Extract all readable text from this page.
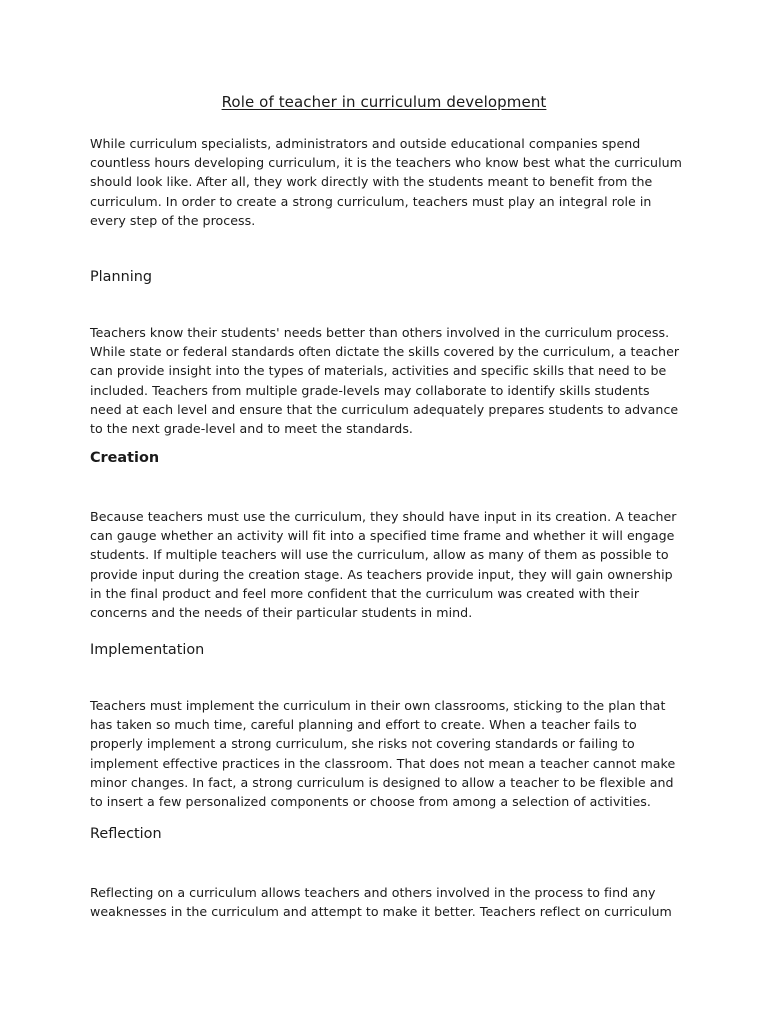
Role of teacher in curriculum development

While curriculum specialists, administrators and outside educational companies spend countless hours developing curriculum, it is the teachers who know best what the curriculum should look like. After all, they work directly with the students meant to benefit from the curriculum. In order to create a strong curriculum, teachers must play an integral role in every step of the process.

Planning

Teachers know their students' needs better than others involved in the curriculum process. While state or federal standards often dictate the skills covered by the curriculum, a teacher can provide insight into the types of materials, activities and specific skills that need to be included. Teachers from multiple grade-levels may collaborate to identify skills students need at each level and ensure that the curriculum adequately prepares students to advance to the next grade-level and to meet the standards.

Creation

Because teachers must use the curriculum, they should have input in its creation. A teacher can gauge whether an activity will fit into a specified time frame and whether it will engage students. If multiple teachers will use the curriculum, allow as many of them as possible to provide input during the creation stage. As teachers provide input, they will gain ownership in the final product and feel more confident that the curriculum was created with their concerns and the needs of their particular students in mind.

Implementation

Teachers must implement the curriculum in their own classrooms, sticking to the plan that has taken so much time, careful planning and effort to create. When a teacher fails to properly implement a strong curriculum, she risks not covering standards or failing to implement effective practices in the classroom. That does not mean a teacher cannot make minor changes. In fact, a strong curriculum is designed to allow a teacher to be flexible and to insert a few personalized components or choose from among a selection of activities.

Reflection

Reflecting on a curriculum allows teachers and others involved in the process to find any weaknesses in the curriculum and attempt to make it better. Teachers reflect on curriculum
